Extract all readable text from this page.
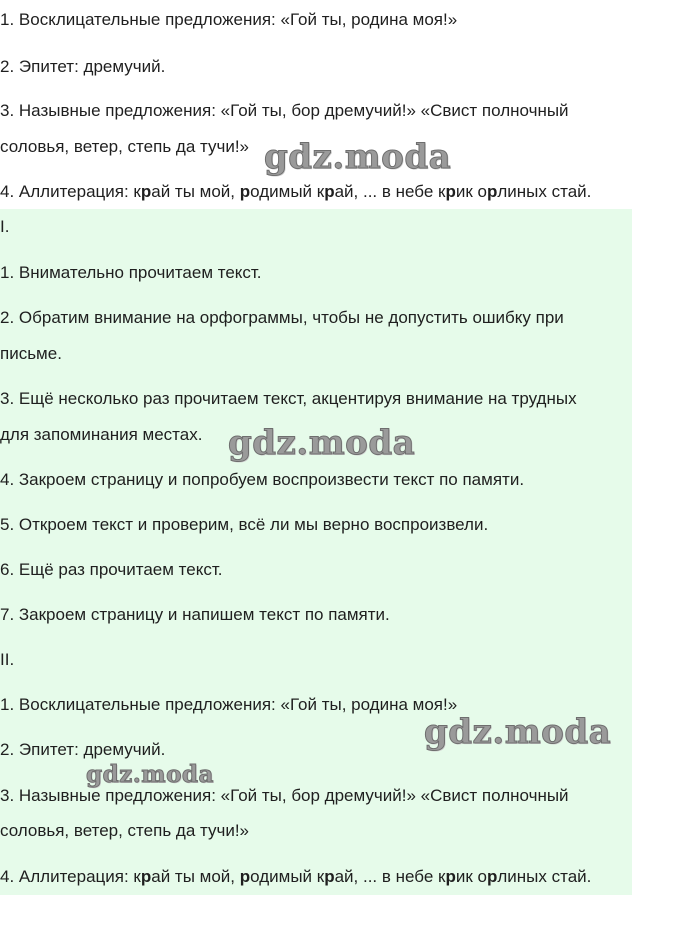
1. Восклицательные предложения: «Гой ты, родина моя!»

2. Эпитет: дремучий.

3. Назывные предложения: «Гой ты, бор дремучий!» «Свист полночный

соловья, ветер, степь да тучи!»

4. Аллитерация: край ты мой, родимый край, ... в небе крик орлиных стай.

I.

1. Внимательно прочитаем текст.

2. Обратим внимание на орфограммы, чтобы не допустить ошибку при

письме.

3. Ещё несколько раз прочитаем текст, акцентируя внимание на трудных

для запоминания местах.

4. Закроем страницу и попробуем воспроизвести текст по памяти.

5. Откроем текст и проверим, всё ли мы верно воспроизвели.

6. Ещё раз прочитаем текст.

7. Закроем страницу и напишем текст по памяти.

II.

1. Восклицательные предложения: «Гой ты, родина моя!»

2. Эпитет: дремучий.

3. Назывные предложения: «Гой ты, бор дремучий!» «Свист полночный

соловья, ветер, степь да тучи!»

4. Аллитерация: край ты мой, родимый край, ... в небе крик орлиных стай.

gdz.moda
gdz.moda
gdz.moda
gdz.moda
